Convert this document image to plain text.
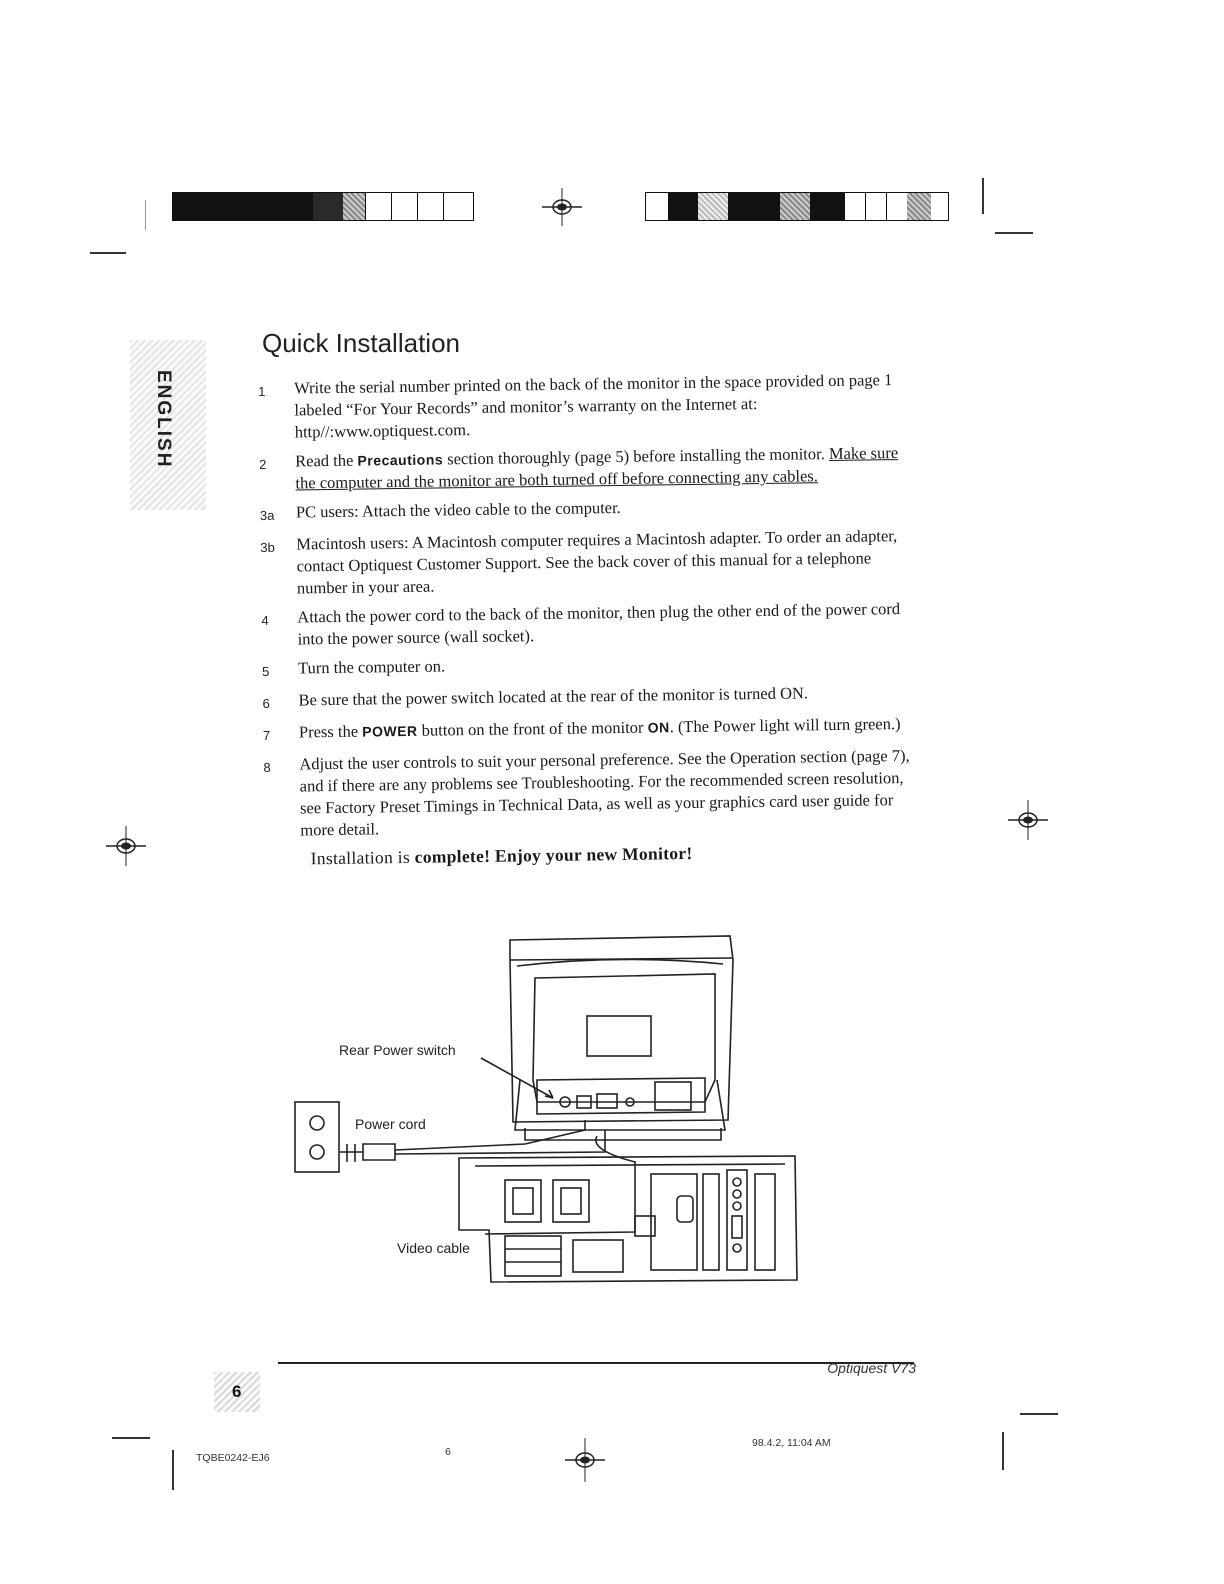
ENGLISH
Quick Installation
1	Write the serial number printed on the back of the monitor in the space provided on page 1 labeled “For Your Records” and monitor’s warranty on the Internet at: http//:www.optiquest.com.
2	Read the Precautions section thoroughly (page 5) before installing the monitor. Make sure the computer and the monitor are both turned off before connecting any cables.
3a	PC users: Attach the video cable to the computer.
3b	Macintosh users: A Macintosh computer requires a Macintosh adapter. To order an adapter, contact Optiquest Customer Support. See the back cover of this manual for a telephone number in your area.
4	Attach the power cord to the back of the monitor, then plug the other end of the power cord into the power source (wall socket).
5	Turn the computer on.
6	Be sure that the power switch located at the rear of the monitor is turned ON.
7	Press the POWER button on the front of the monitor ON. (The Power light will turn green.)
8	Adjust the user controls to suit your personal preference. See the Operation section (page 7), and if there are any problems see Troubleshooting. For the recommended screen resolution, see Factory Preset Timings in Technical Data, as well as your graphics card user guide for more detail.
Installation is complete! Enjoy your new Monitor!
Rear Power switch
Power cord
Video cable
Optiquest V73
6
TQBE0242-EJ6	6
98.4.2, 11:04 AM
